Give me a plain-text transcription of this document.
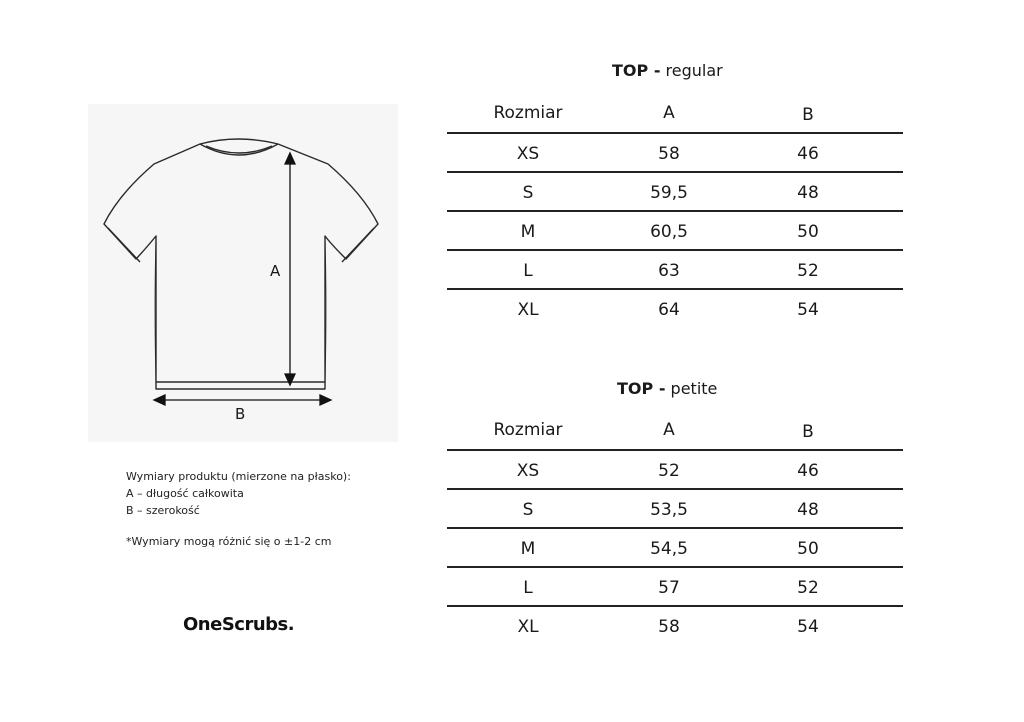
A
B
Wymiary produktu (mierzone na płasko):
A – długość całkowita
B – szerokość
*Wymiary mogą różnić się o ±1-2 cm
OneScrubs.
TOP - regular
Rozmiar	A	B
XS	58	46
S	59,5	48
M	60,5	50
L	63	52
XL	64	54
TOP - petite
Rozmiar	A	B
XS	52	46
S	53,5	48
M	54,5	50
L	57	52
XL	58	54
